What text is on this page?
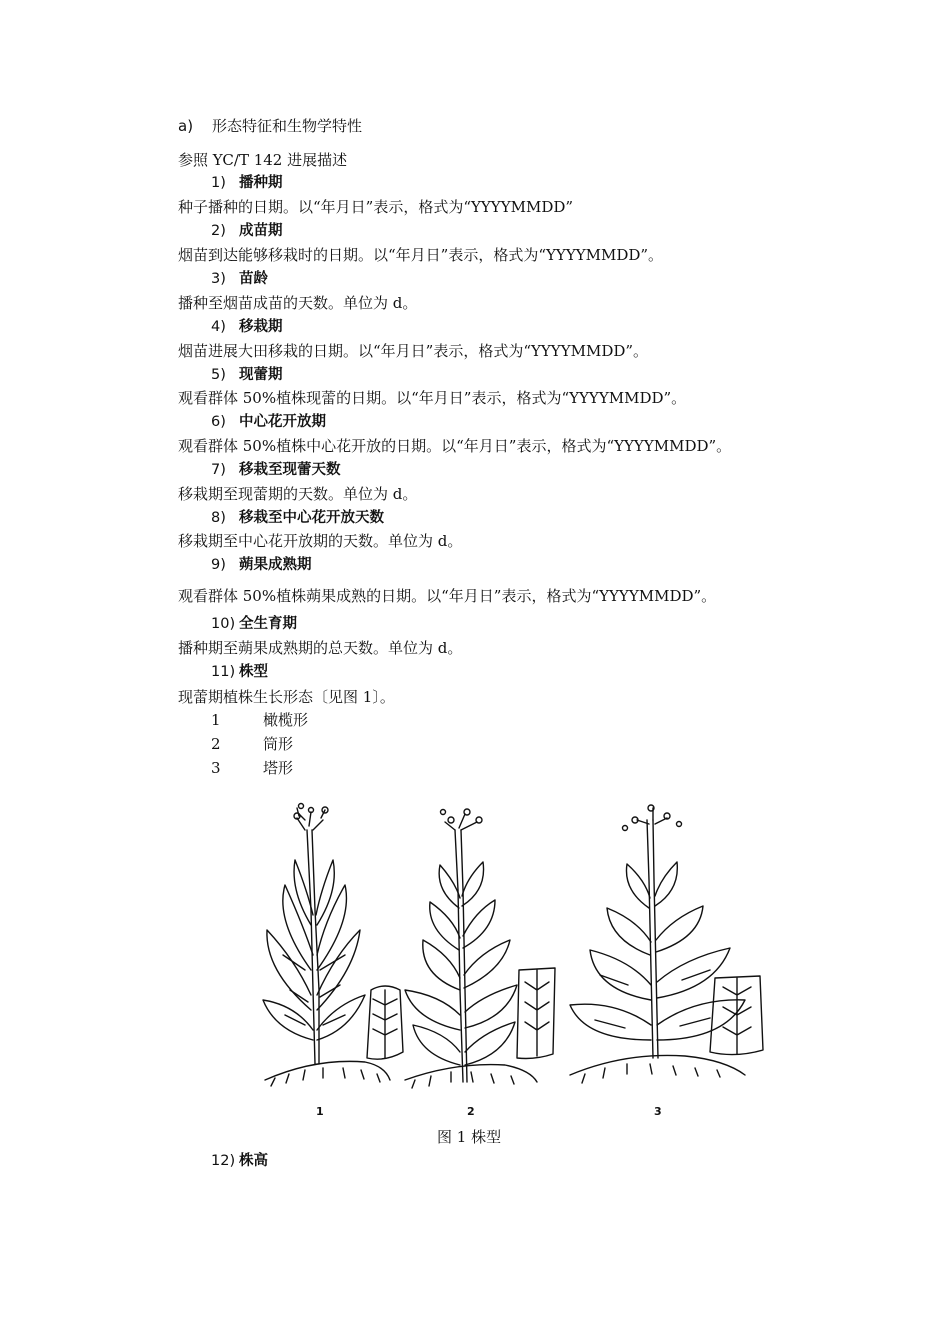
a) 形态特征和生物学特性
参照 YC/T 142 进展描述
1) 播种期
种子播种的日期。以“年月日”表示，格式为“YYYYMMDD”
2) 成苗期
烟苗到达能够移栽时的日期。以“年月日”表示，格式为“YYYYMMDD”。
3) 苗龄
播种至烟苗成苗的天数。单位为 d。
4) 移栽期
烟苗进展大田移栽的日期。以“年月日”表示，格式为“YYYYMMDD”。
5) 现蕾期
观看群体 50%植株现蕾的日期。以“年月日”表示，格式为“YYYYMMDD”。
6) 中心花开放期
观看群体 50%植株中心花开放的日期。以“年月日”表示，格式为“YYYYMMDD”。
7) 移栽至现蕾天数
移栽期至现蕾期的天数。单位为 d。
8) 移栽至中心花开放天数
移栽期至中心花开放期的天数。单位为 d。
9) 蒴果成熟期
观看群体 50%植株蒴果成熟的日期。以“年月日”表示，格式为“YYYYMMDD”。
10) 全生育期
播种期至蒴果成熟期的总天数。单位为 d。
11) 株型
现蕾期植株生长形态〔见图 1〕。
1	橄榄形
2	筒形
3	塔形
1	2	3
图 1 株型
12) 株高
